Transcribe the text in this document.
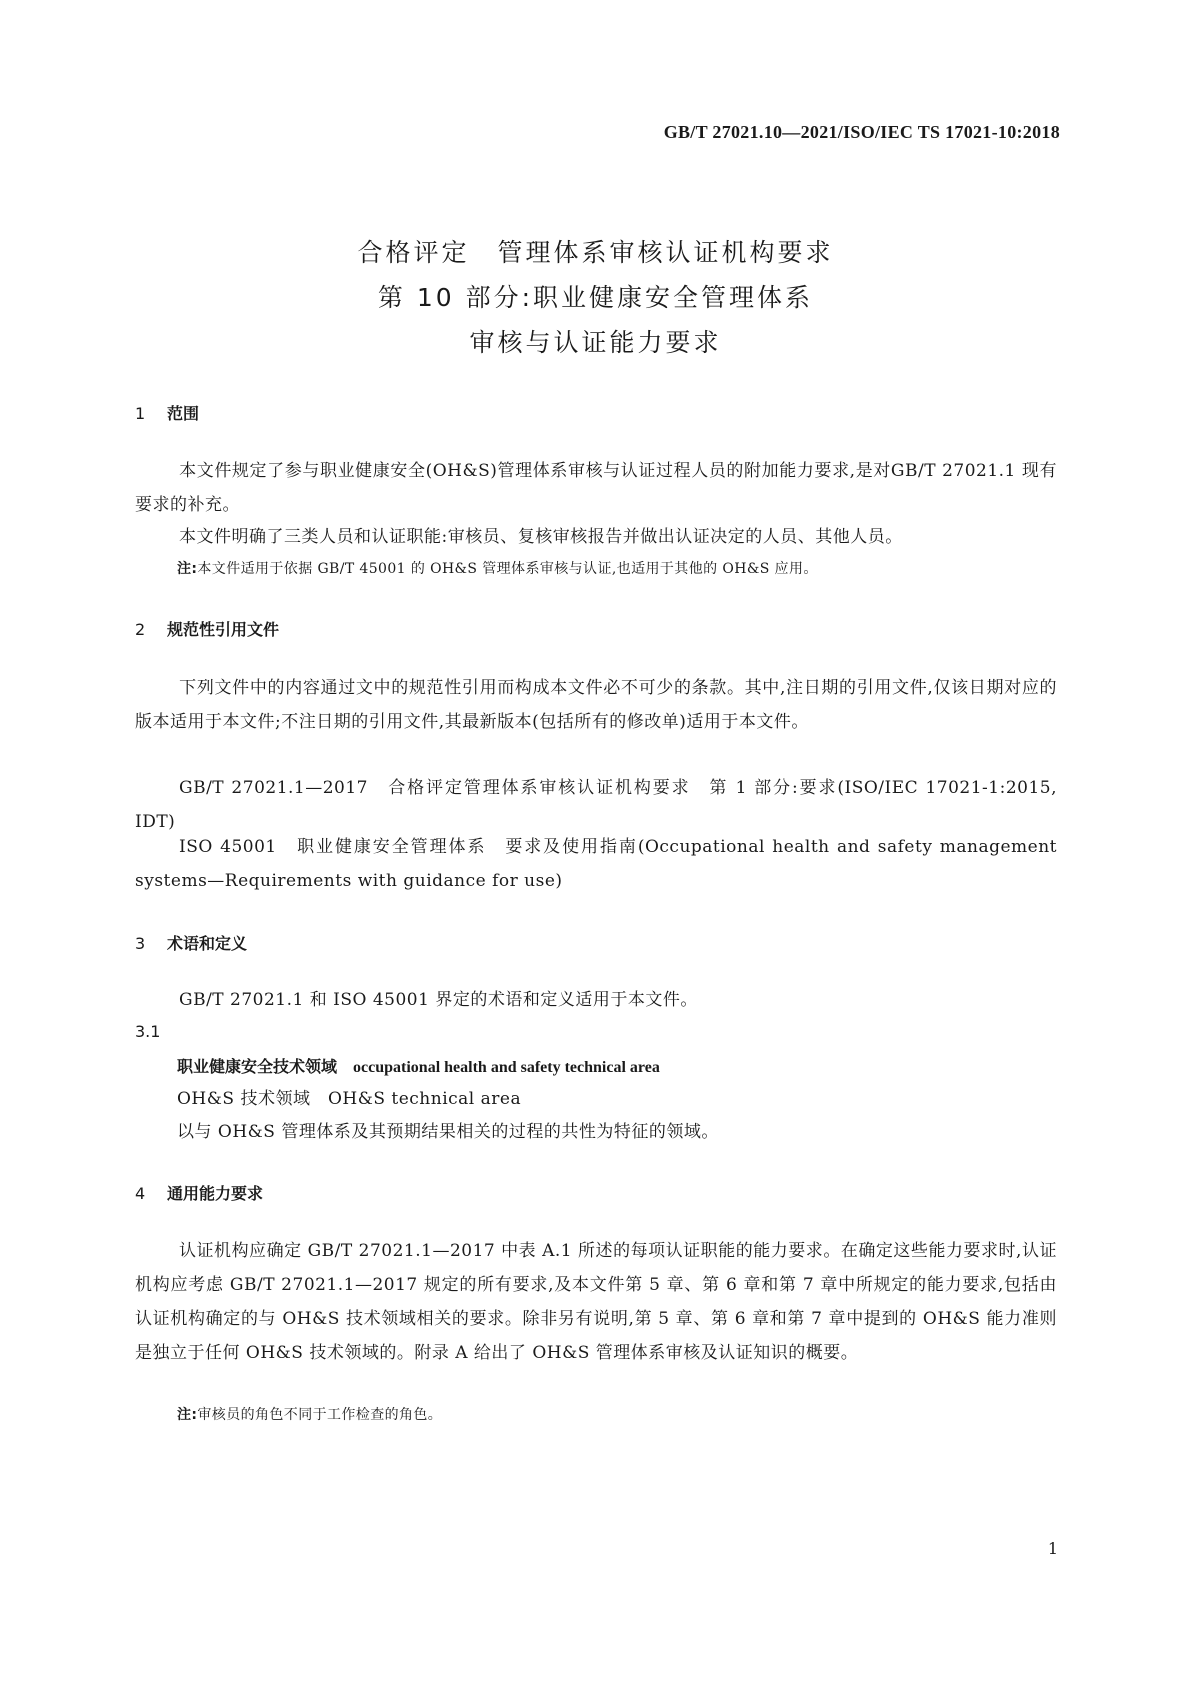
GB/T 27021.10—2021/ISO/IEC TS 17021-10:2018
合格评定　管理体系审核认证机构要求
第 10 部分:职业健康安全管理体系
审核与认证能力要求
1 范围
本文件规定了参与职业健康安全(OH&S)管理体系审核与认证过程人员的附加能力要求,是对GB/T 27021.1 现有要求的补充。
本文件明确了三类人员和认证职能:审核员、复核审核报告并做出认证决定的人员、其他人员。
注:本文件适用于依据 GB/T 45001 的 OH&S 管理体系审核与认证,也适用于其他的 OH&S 应用。
2 规范性引用文件
下列文件中的内容通过文中的规范性引用而构成本文件必不可少的条款。其中,注日期的引用文件,仅该日期对应的版本适用于本文件;不注日期的引用文件,其最新版本(包括所有的修改单)适用于本文件。
GB/T 27021.1—2017　合格评定管理体系审核认证机构要求　第 1 部分:要求(ISO/IEC 17021-1:2015, IDT)
ISO 45001　职业健康安全管理体系　要求及使用指南(Occupational health and safety management systems—Requirements with guidance for use)
3 术语和定义
GB/T 27021.1 和 ISO 45001 界定的术语和定义适用于本文件。
3.1
职业健康安全技术领域　 occupational health and safety technical area
OH&S 技术领域　OH&S technical area
以与 OH&S 管理体系及其预期结果相关的过程的共性为特征的领域。
4 通用能力要求
认证机构应确定 GB/T 27021.1—2017 中表 A.1 所述的每项认证职能的能力要求。在确定这些能力要求时,认证机构应考虑 GB/T 27021.1—2017 规定的所有要求,及本文件第 5 章、第 6 章和第 7 章中所规定的能力要求,包括由认证机构确定的与 OH&S 技术领域相关的要求。除非另有说明,第 5 章、第 6 章和第 7 章中提到的 OH&S 能力准则是独立于任何 OH&S 技术领域的。附录 A 给出了 OH&S 管理体系审核及认证知识的概要。
注:审核员的角色不同于工作检查的角色。
1
